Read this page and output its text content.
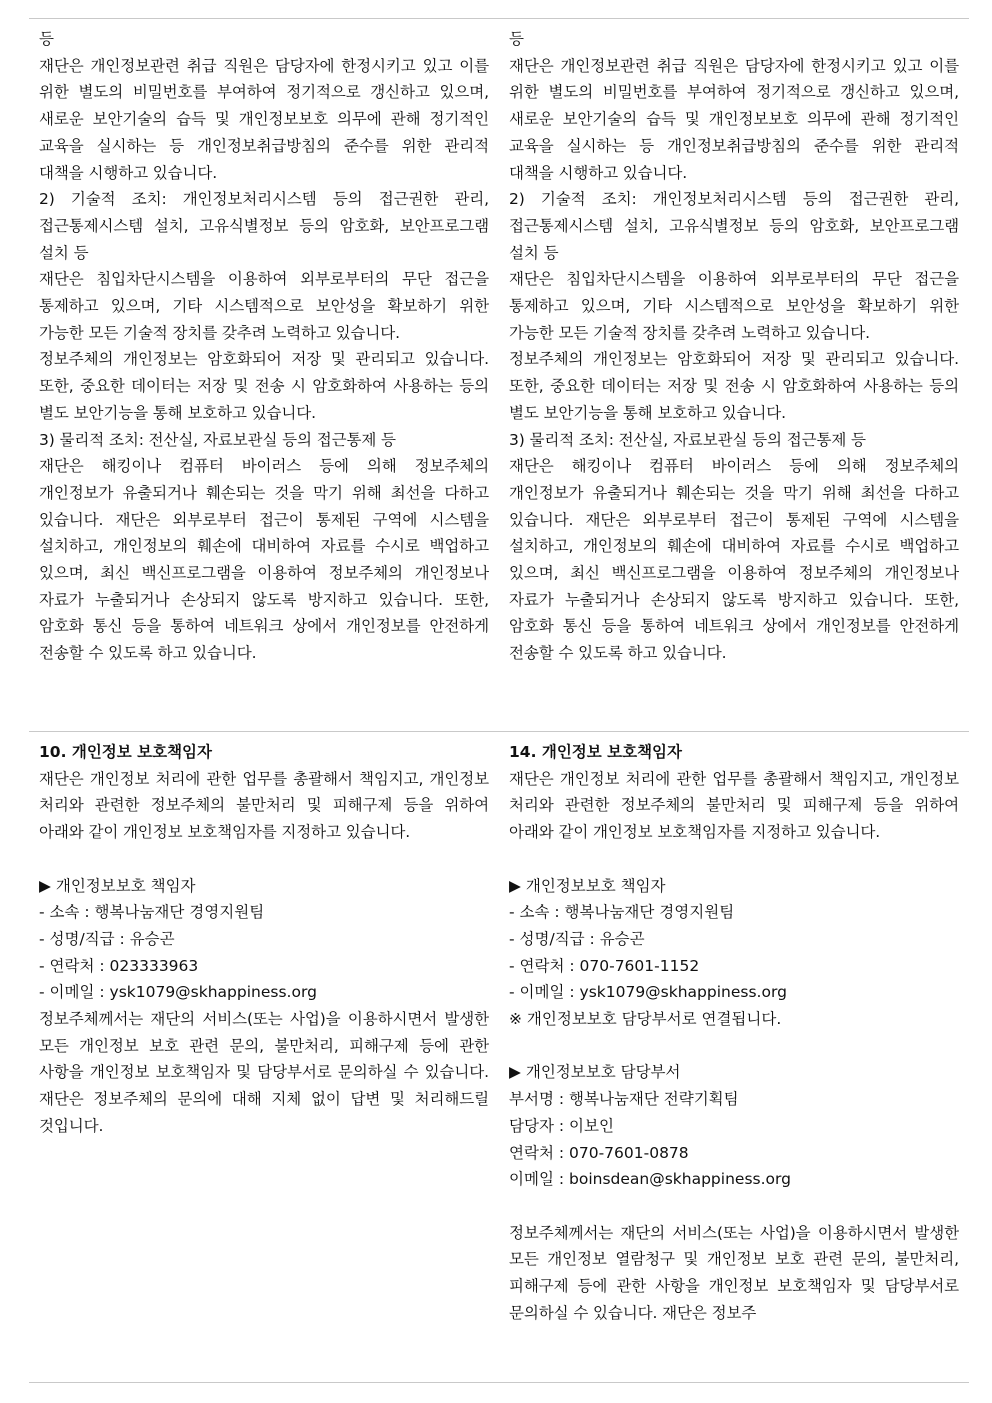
등
재단은 개인정보관련 취급 직원은 담당자에 한정시키고 있고 이를 위한 별도의 비밀번호를 부여하여 정기적으로 갱신하고 있으며, 새로운 보안기술의 습득 및 개인정보보호 의무에 관해 정기적인 교육을 실시하는 등 개인정보취급방침의 준수를 위한 관리적 대책을 시행하고 있습니다.
2) 기술적 조치: 개인정보처리시스템 등의 접근권한 관리, 접근통제시스템 설치, 고유식별정보 등의 암호화, 보안프로그램 설치 등
재단은 침입차단시스템을 이용하여 외부로부터의 무단 접근을 통제하고 있으며, 기타 시스템적으로 보안성을 확보하기 위한 가능한 모든 기술적 장치를 갖추려 노력하고 있습니다.
정보주체의 개인정보는 암호화되어 저장 및 관리되고 있습니다. 또한, 중요한 데이터는 저장 및 전송 시 암호화하여 사용하는 등의 별도 보안기능을 통해 보호하고 있습니다.
3) 물리적 조치: 전산실, 자료보관실 등의 접근통제 등
재단은 해킹이나 컴퓨터 바이러스 등에 의해 정보주체의 개인정보가 유출되거나 훼손되는 것을 막기 위해 최선을 다하고 있습니다. 재단은 외부로부터 접근이 통제된 구역에 시스템을 설치하고, 개인정보의 훼손에 대비하여 자료를 수시로 백업하고 있으며, 최신 백신프로그램을 이용하여 정보주체의 개인정보나 자료가 누출되거나 손상되지 않도록 방지하고 있습니다. 또한, 암호화 통신 등을 통하여 네트워크 상에서 개인정보를 안전하게 전송할 수 있도록 하고 있습니다.
등
재단은 개인정보관련 취급 직원은 담당자에 한정시키고 있고 이를 위한 별도의 비밀번호를 부여하여 정기적으로 갱신하고 있으며, 새로운 보안기술의 습득 및 개인정보보호 의무에 관해 정기적인 교육을 실시하는 등 개인정보취급방침의 준수를 위한 관리적 대책을 시행하고 있습니다.
2) 기술적 조치: 개인정보처리시스템 등의 접근권한 관리, 접근통제시스템 설치, 고유식별정보 등의 암호화, 보안프로그램 설치 등
재단은 침입차단시스템을 이용하여 외부로부터의 무단 접근을 통제하고 있으며, 기타 시스템적으로 보안성을 확보하기 위한 가능한 모든 기술적 장치를 갖추려 노력하고 있습니다.
정보주체의 개인정보는 암호화되어 저장 및 관리되고 있습니다. 또한, 중요한 데이터는 저장 및 전송 시 암호화하여 사용하는 등의 별도 보안기능을 통해 보호하고 있습니다.
3) 물리적 조치: 전산실, 자료보관실 등의 접근통제 등
재단은 해킹이나 컴퓨터 바이러스 등에 의해 정보주체의 개인정보가 유출되거나 훼손되는 것을 막기 위해 최선을 다하고 있습니다. 재단은 외부로부터 접근이 통제된 구역에 시스템을 설치하고, 개인정보의 훼손에 대비하여 자료를 수시로 백업하고 있으며, 최신 백신프로그램을 이용하여 정보주체의 개인정보나 자료가 누출되거나 손상되지 않도록 방지하고 있습니다. 또한, 암호화 통신 등을 통하여 네트워크 상에서 개인정보를 안전하게 전송할 수 있도록 하고 있습니다.
10. 개인정보 보호책임자
재단은 개인정보 처리에 관한 업무를 총괄해서 책임지고, 개인정보 처리와 관련한 정보주체의 불만처리 및 피해구제 등을 위하여 아래와 같이 개인정보 보호책임자를 지정하고 있습니다.
▶ 개인정보보호 책임자
- 소속 : 행복나눔재단 경영지원팀
- 성명/직급 : 유승곤
- 연락처 : 023333963
- 이메일 : ysk1079@skhappiness.org
정보주체께서는 재단의 서비스(또는 사업)을 이용하시면서 발생한 모든 개인정보 보호 관련 문의, 불만처리, 피해구제 등에 관한 사항을 개인정보 보호책임자 및 담당부서로 문의하실 수 있습니다. 재단은 정보주체의 문의에 대해 지체 없이 답변 및 처리해드릴 것입니다.
14. 개인정보 보호책임자
재단은 개인정보 처리에 관한 업무를 총괄해서 책임지고, 개인정보 처리와 관련한 정보주체의 불만처리 및 피해구제 등을 위하여 아래와 같이 개인정보 보호책임자를 지정하고 있습니다.
▶ 개인정보보호 책임자
- 소속 : 행복나눔재단 경영지원팀
- 성명/직급 : 유승곤
- 연락처 : 070-7601-1152
- 이메일 : ysk1079@skhappiness.org
※ 개인정보보호 담당부서로 연결됩니다.
▶ 개인정보보호 담당부서
부서명 : 행복나눔재단 전략기획팀
담당자 : 이보인
연락처 : 070-7601-0878
이메일 : boinsdean@skhappiness.org
정보주체께서는 재단의 서비스(또는 사업)을 이용하시면서 발생한 모든 개인정보 열람청구 및 개인정보 보호 관련 문의, 불만처리, 피해구제 등에 관한 사항을 개인정보 보호책임자 및 담당부서로 문의하실 수 있습니다. 재단은 정보주
